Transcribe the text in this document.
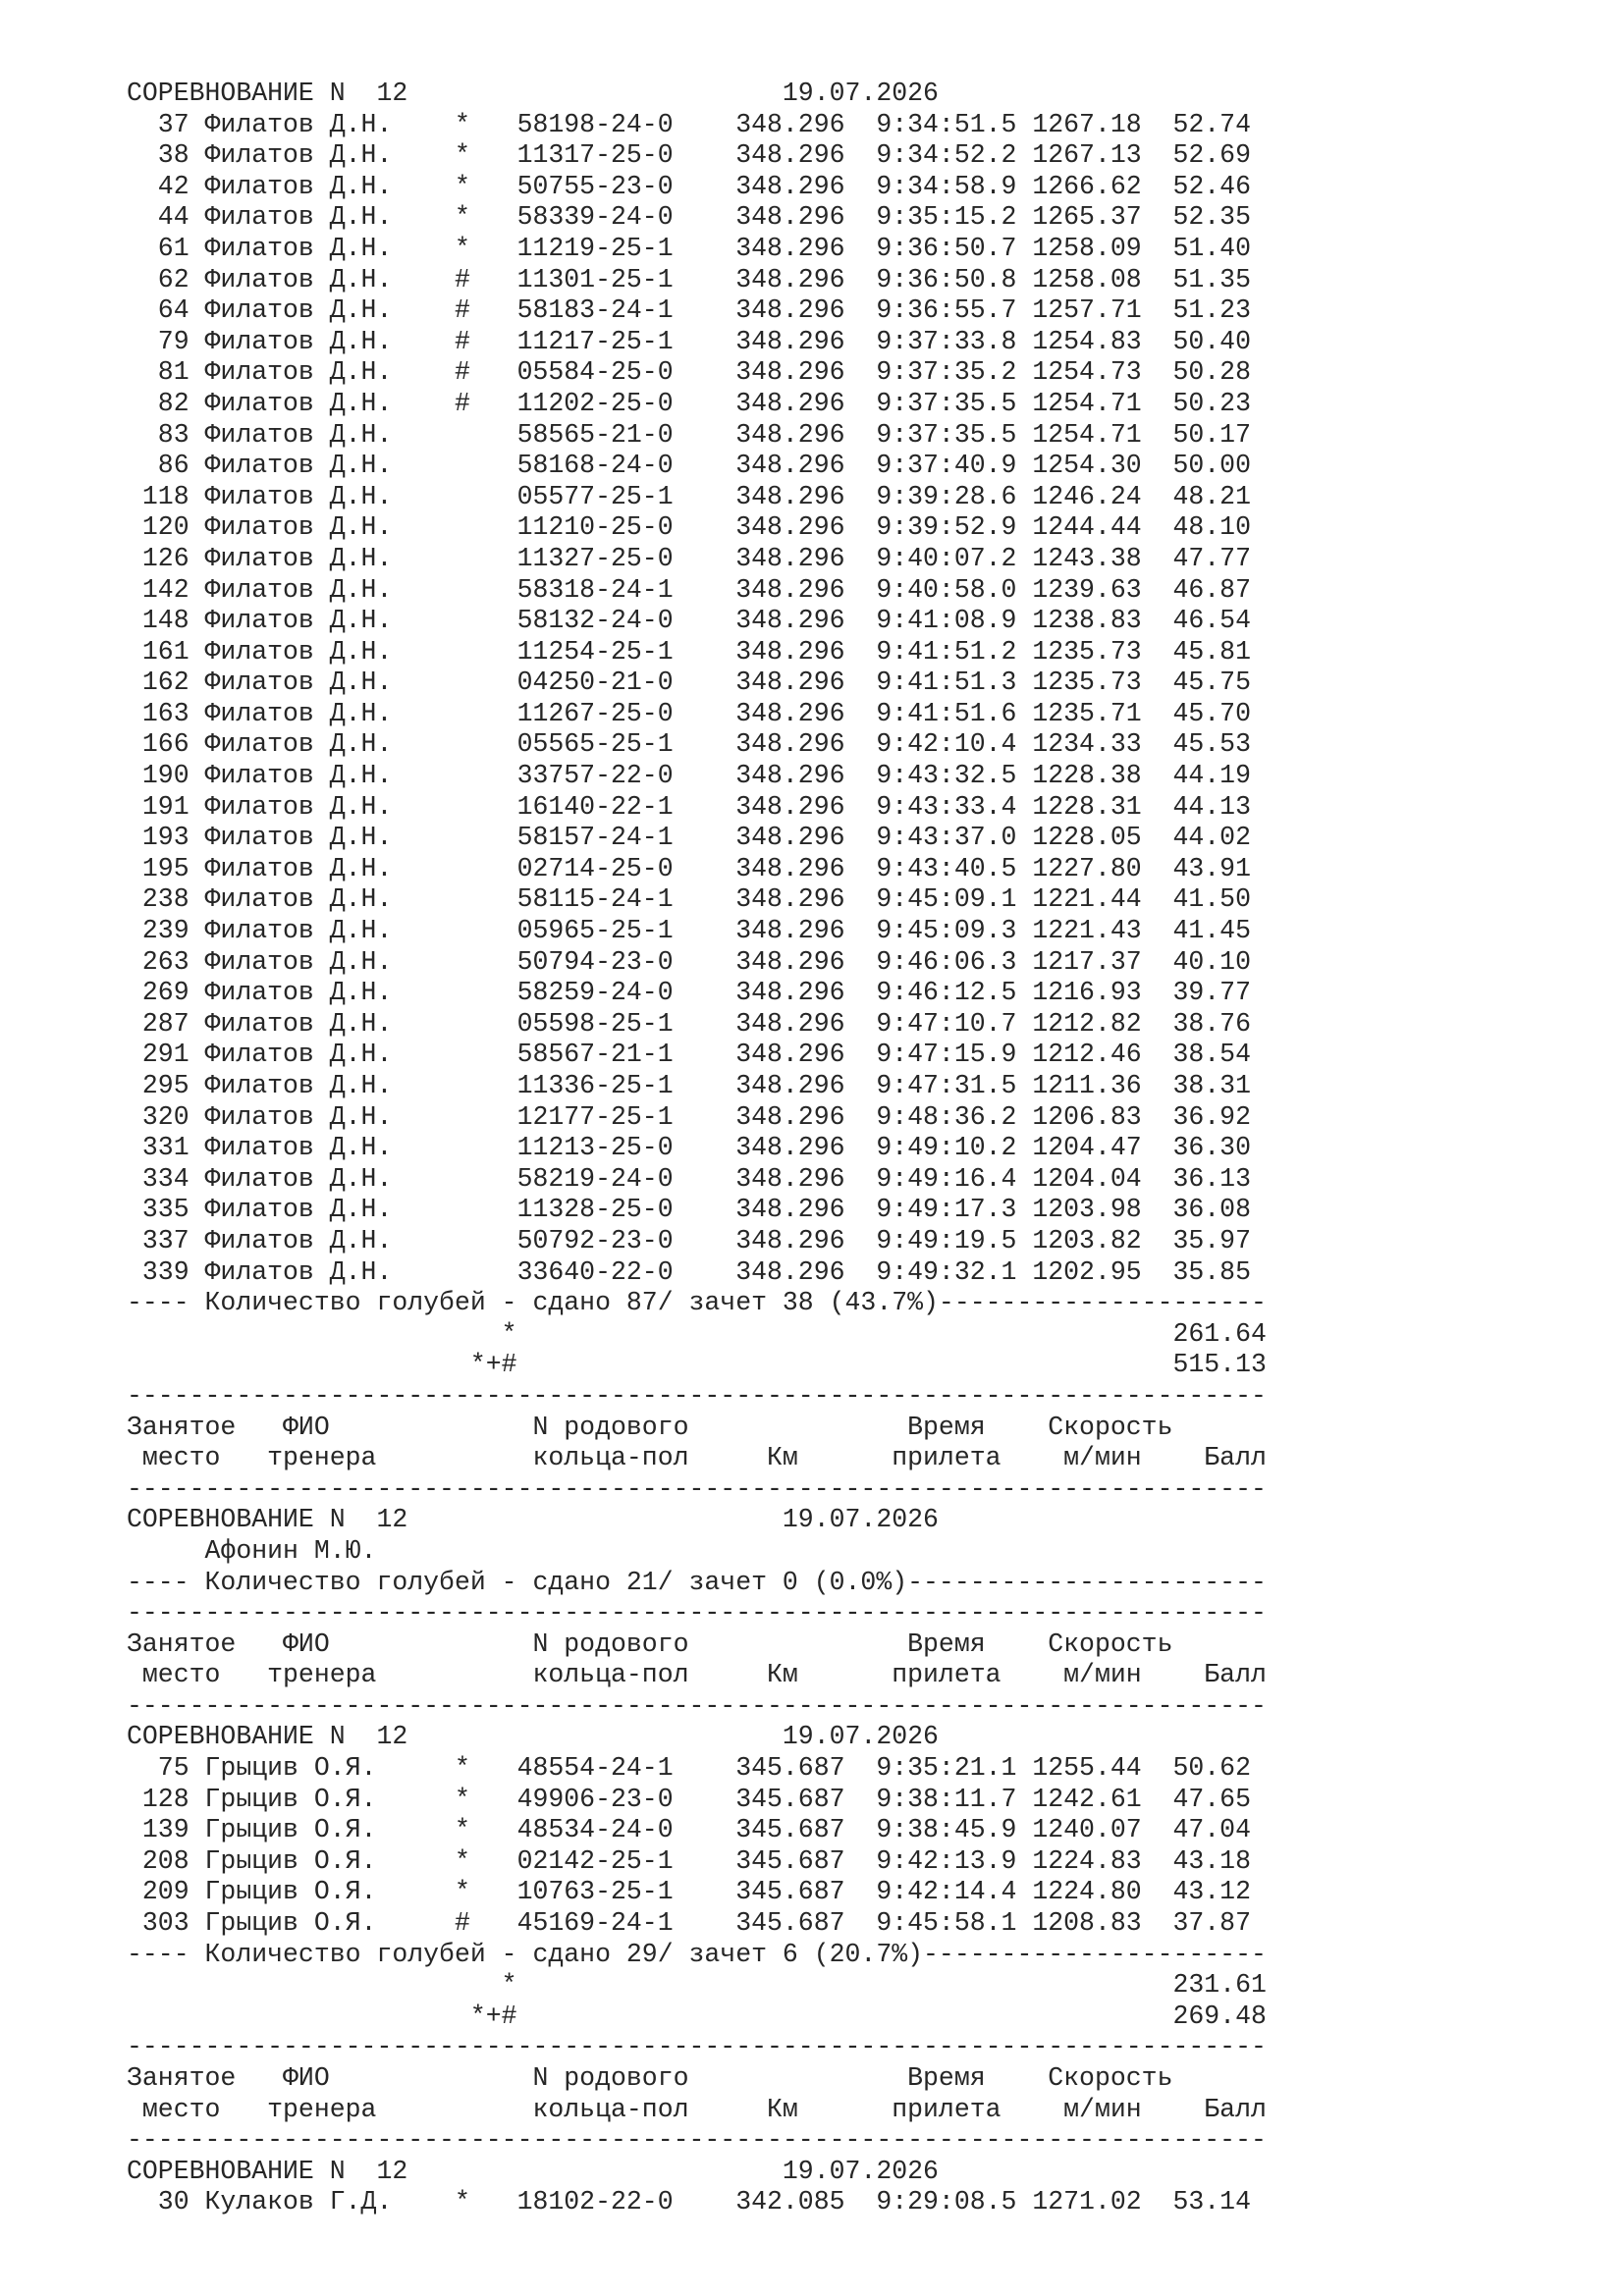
СОРЕВНОВАНИЕ N  12                        19.07.2026
37 Филатов Д.Н.    *   58198-24-0    348.296  9:34:51.5 1267.18  52.74
38 Филатов Д.Н.    *   11317-25-0    348.296  9:34:52.2 1267.13  52.69
42 Филатов Д.Н.    *   50755-23-0    348.296  9:34:58.9 1266.62  52.46
44 Филатов Д.Н.    *   58339-24-0    348.296  9:35:15.2 1265.37  52.35
61 Филатов Д.Н.    *   11219-25-1    348.296  9:36:50.7 1258.09  51.40
62 Филатов Д.Н.    #   11301-25-1    348.296  9:36:50.8 1258.08  51.35
64 Филатов Д.Н.    #   58183-24-1    348.296  9:36:55.7 1257.71  51.23
79 Филатов Д.Н.    #   11217-25-1    348.296  9:37:33.8 1254.83  50.40
81 Филатов Д.Н.    #   05584-25-0    348.296  9:37:35.2 1254.73  50.28
82 Филатов Д.Н.    #   11202-25-0    348.296  9:37:35.5 1254.71  50.23
83 Филатов Д.Н.        58565-21-0    348.296  9:37:35.5 1254.71  50.17
86 Филатов Д.Н.        58168-24-0    348.296  9:37:40.9 1254.30  50.00
118 Филатов Д.Н.        05577-25-1    348.296  9:39:28.6 1246.24  48.21
120 Филатов Д.Н.        11210-25-0    348.296  9:39:52.9 1244.44  48.10
126 Филатов Д.Н.        11327-25-0    348.296  9:40:07.2 1243.38  47.77
142 Филатов Д.Н.        58318-24-1    348.296  9:40:58.0 1239.63  46.87
148 Филатов Д.Н.        58132-24-0    348.296  9:41:08.9 1238.83  46.54
161 Филатов Д.Н.        11254-25-1    348.296  9:41:51.2 1235.73  45.81
162 Филатов Д.Н.        04250-21-0    348.296  9:41:51.3 1235.73  45.75
163 Филатов Д.Н.        11267-25-0    348.296  9:41:51.6 1235.71  45.70
166 Филатов Д.Н.        05565-25-1    348.296  9:42:10.4 1234.33  45.53
190 Филатов Д.Н.        33757-22-0    348.296  9:43:32.5 1228.38  44.19
191 Филатов Д.Н.        16140-22-1    348.296  9:43:33.4 1228.31  44.13
193 Филатов Д.Н.        58157-24-1    348.296  9:43:37.0 1228.05  44.02
195 Филатов Д.Н.        02714-25-0    348.296  9:43:40.5 1227.80  43.91
238 Филатов Д.Н.        58115-24-1    348.296  9:45:09.1 1221.44  41.50
239 Филатов Д.Н.        05965-25-1    348.296  9:45:09.3 1221.43  41.45
263 Филатов Д.Н.        50794-23-0    348.296  9:46:06.3 1217.37  40.10
269 Филатов Д.Н.        58259-24-0    348.296  9:46:12.5 1216.93  39.77
287 Филатов Д.Н.        05598-25-1    348.296  9:47:10.7 1212.82  38.76
291 Филатов Д.Н.        58567-21-1    348.296  9:47:15.9 1212.46  38.54
295 Филатов Д.Н.        11336-25-1    348.296  9:47:31.5 1211.36  38.31
320 Филатов Д.Н.        12177-25-1    348.296  9:48:36.2 1206.83  36.92
331 Филатов Д.Н.        11213-25-0    348.296  9:49:10.2 1204.47  36.30
334 Филатов Д.Н.        58219-24-0    348.296  9:49:16.4 1204.04  36.13
335 Филатов Д.Н.        11328-25-0    348.296  9:49:17.3 1203.98  36.08
337 Филатов Д.Н.        50792-23-0    348.296  9:49:19.5 1203.82  35.97
339 Филатов Д.Н.        33640-22-0    348.296  9:49:32.1 1202.95  35.85
---- Количество голубей - сдано 87/ зачет 38 (43.7%)---------------------
*                                          261.64
*+#                                          515.13
-------------------------------------------------------------------------
Занятое   ФИО             N родового              Время    Скорость
место   тренера          кольца-пол     Км      прилета    м/мин    Балл
-------------------------------------------------------------------------
СОРЕВНОВАНИЕ N  12                        19.07.2026
Афонин М.Ю.
---- Количество голубей - сдано 21/ зачет 0 (0.0%)-----------------------
-------------------------------------------------------------------------
Занятое   ФИО             N родового              Время    Скорость
место   тренера          кольца-пол     Км      прилета    м/мин    Балл
-------------------------------------------------------------------------
СОРЕВНОВАНИЕ N  12                        19.07.2026
75 Грыцив О.Я.     *   48554-24-1    345.687  9:35:21.1 1255.44  50.62
128 Грыцив О.Я.     *   49906-23-0    345.687  9:38:11.7 1242.61  47.65
139 Грыцив О.Я.     *   48534-24-0    345.687  9:38:45.9 1240.07  47.04
208 Грыцив О.Я.     *   02142-25-1    345.687  9:42:13.9 1224.83  43.18
209 Грыцив О.Я.     *   10763-25-1    345.687  9:42:14.4 1224.80  43.12
303 Грыцив О.Я.     #   45169-24-1    345.687  9:45:58.1 1208.83  37.87
---- Количество голубей - сдано 29/ зачет 6 (20.7%)----------------------
*                                          231.61
*+#                                          269.48
-------------------------------------------------------------------------
Занятое   ФИО             N родового              Время    Скорость
место   тренера          кольца-пол     Км      прилета    м/мин    Балл
-------------------------------------------------------------------------
СОРЕВНОВАНИЕ N  12                        19.07.2026
30 Кулаков Г.Д.    *   18102-22-0    342.085  9:29:08.5 1271.02  53.14
